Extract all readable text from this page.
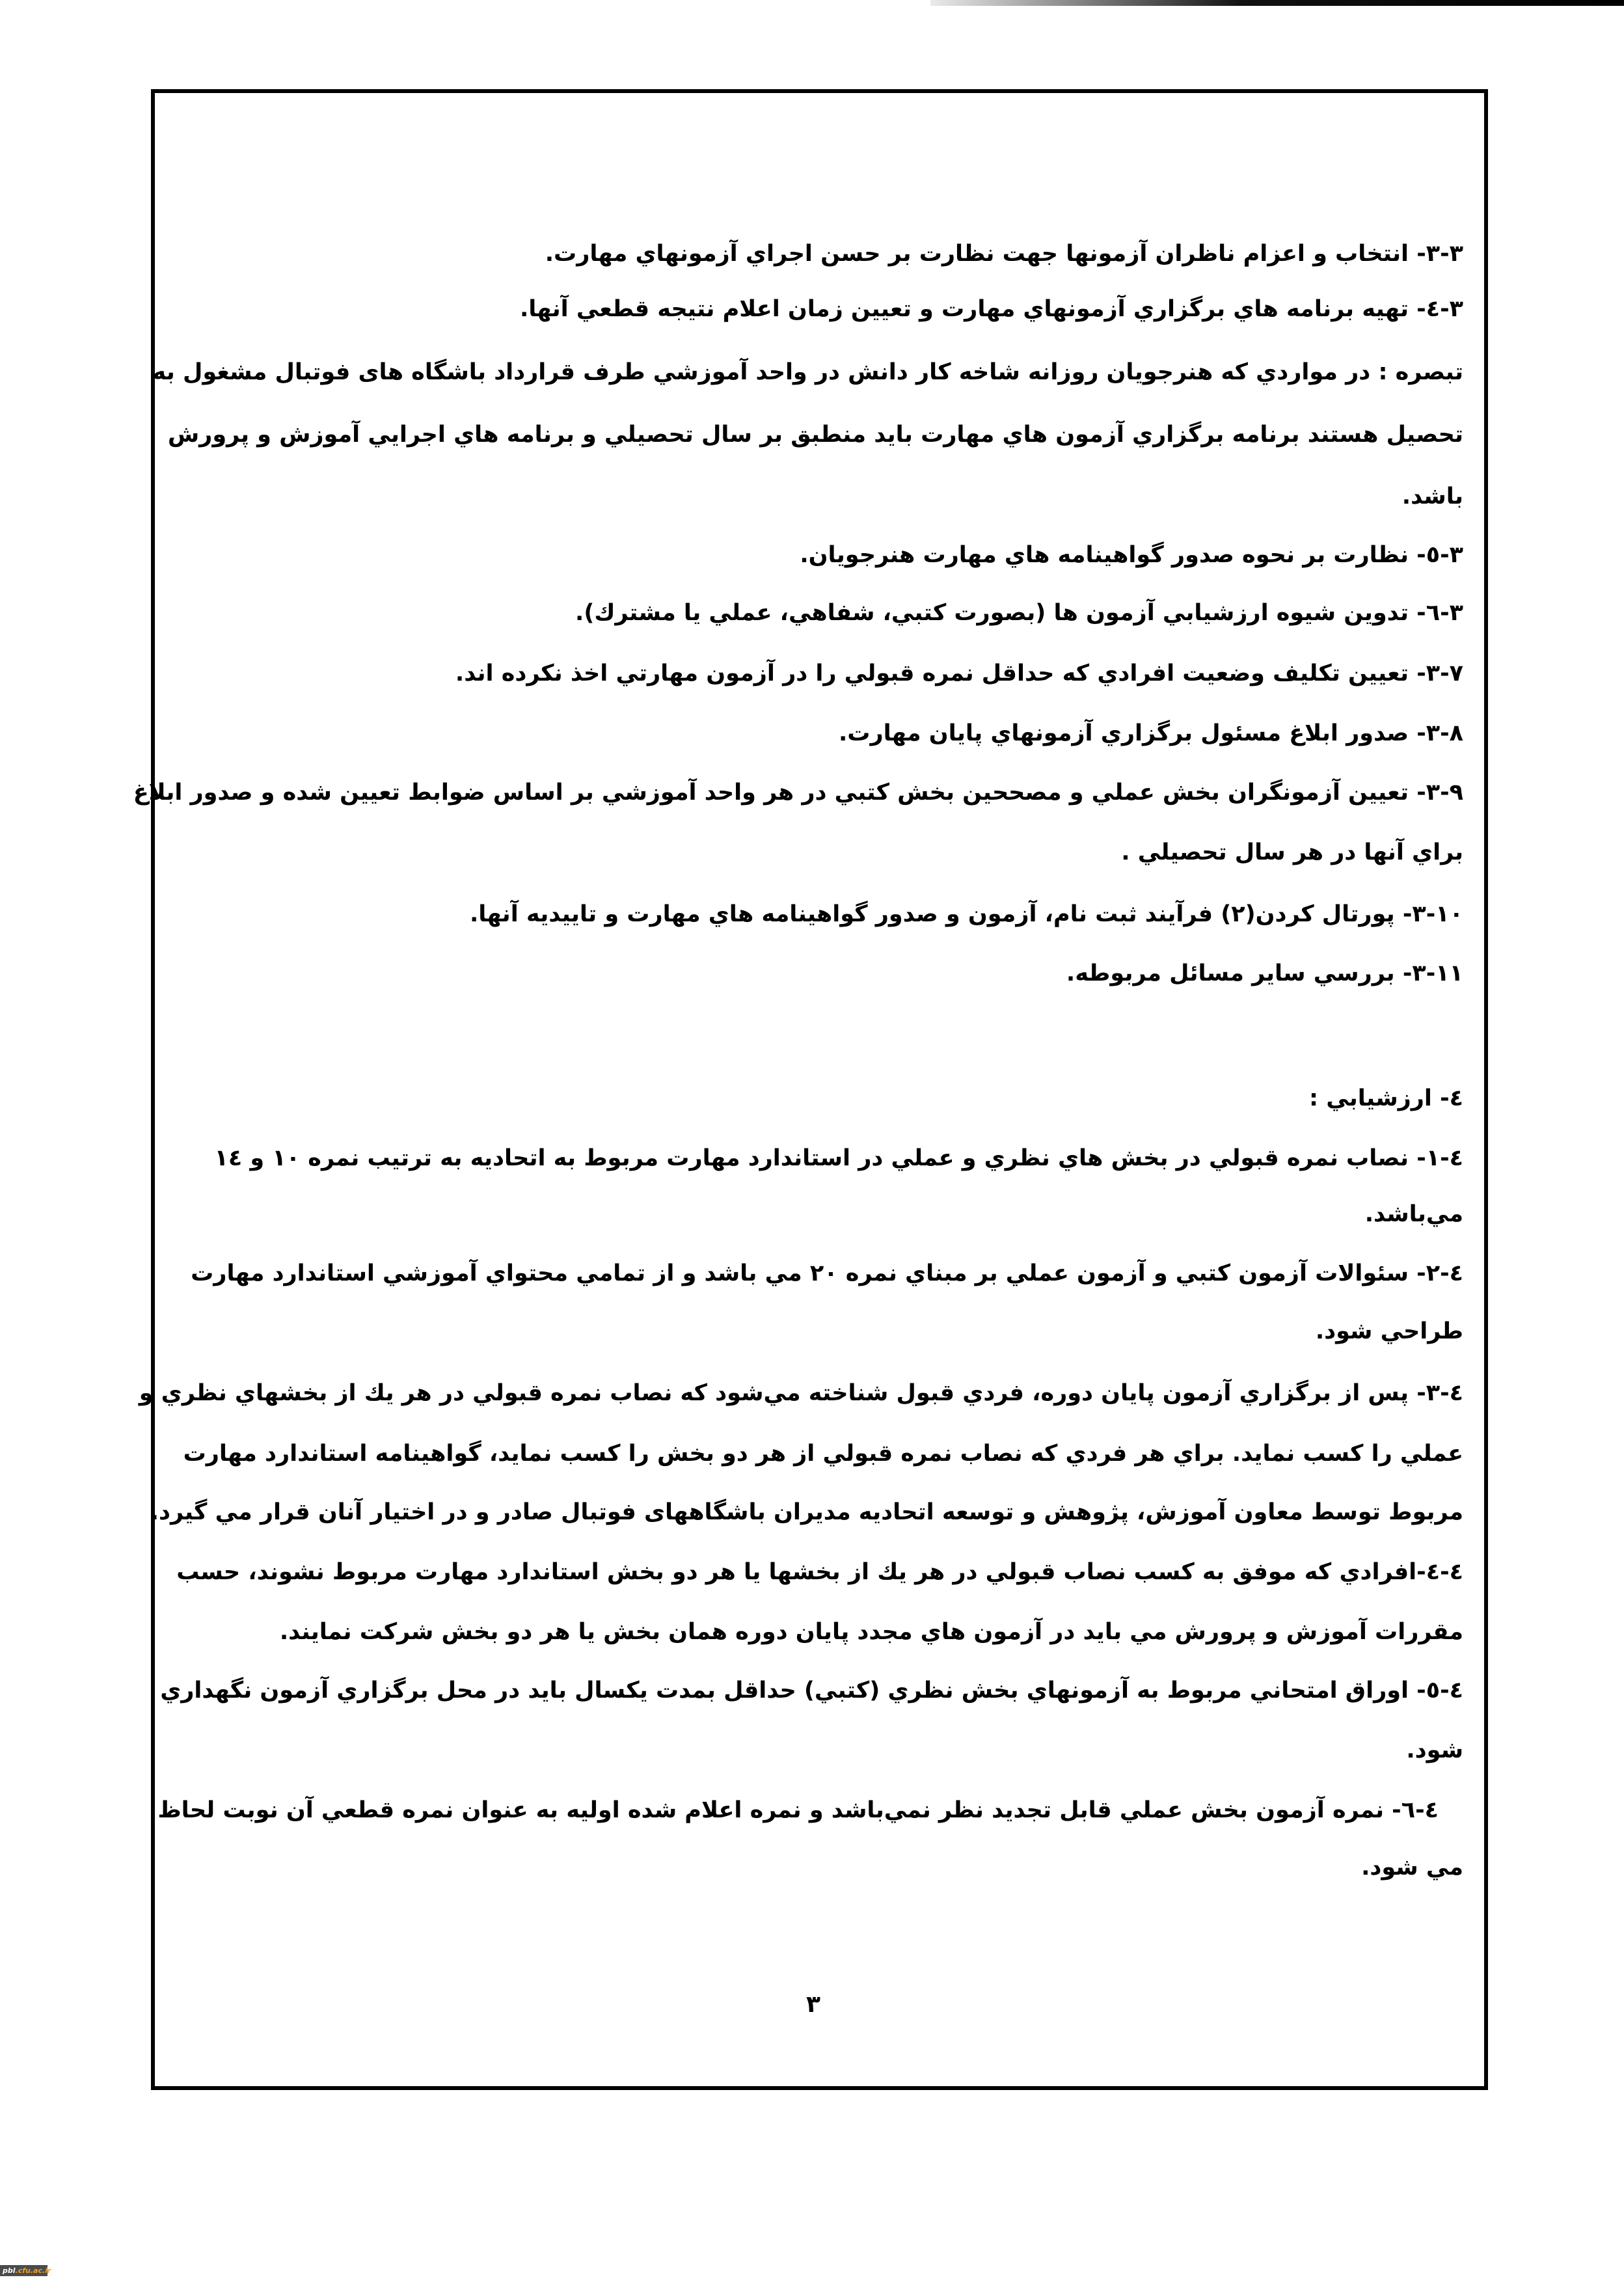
۳-۳- انتخاب و اعزام ناظران آزمونها جهت نظارت بر حسن اجراي آزمونهاي مهارت.
۳-٤- تهيه برنامه هاي برگزاري آزمونهاي مهارت و تعيين زمان اعلام نتيجه قطعي آنها.
تبصره : در مواردي كه هنرجويان روزانه شاخه كار دانش در واحد آموزشي طرف قرارداد باشگاه های فوتبال مشغول به
تحصيل هستند برنامه برگزاري آزمون هاي مهارت بايد منطبق بر سال تحصيلي و برنامه هاي اجرايي آموزش و پرورش
باشد.
۳-٥- نظارت بر نحوه صدور گواهينامه هاي مهارت هنرجويان.
۳-٦- تدوين شيوه ارزشيابي آزمون ها (بصورت كتبي، شفاهي، عملي يا مشترك).
۳-۷- تعيين تكليف وضعيت افرادي كه حداقل نمره قبولي را در آزمون مهارتي اخذ نكرده اند.
۳-۸- صدور ابلاغ مسئول برگزاري آزمونهاي پايان مهارت.
۳-۹- تعيين آزمونگران بخش عملي و مصححين بخش كتبي در هر واحد آموزشي بر اساس ضوابط تعيين شده و صدور ابلاغ
براي آنها در هر سال تحصيلي .
۳-۱۰- پورتال كردن(۲) فرآيند ثبت نام، آزمون و صدور گواهينامه هاي مهارت و تاييديه آنها.
۳-۱۱- بررسي ساير مسائل مربوطه.
٤- ارزشيابي :
٤-۱- نصاب نمره قبولي در بخش هاي نظري و عملي در استاندارد مهارت مربوط به اتحاديه به ترتيب نمره ۱۰ و ۱٤
مي‌باشد.
٤-۲- سئوالات آزمون كتبي و آزمون عملي بر مبناي نمره ۲۰ مي باشد و از تمامي محتواي آموزشي استاندارد مهارت
طراحي شود.
٤-۳- پس از برگزاري آزمون پايان دوره، فردي قبول شناخته مي‌شود كه نصاب نمره قبولي در هر يك از بخشهاي نظري و
عملي را كسب نمايد. براي هر فردي كه نصاب نمره قبولي از هر دو بخش را كسب نمايد، گواهينامه استاندارد مهارت
مربوط توسط معاون آموزش، پژوهش و توسعه اتحاديه مديران باشگاههای فوتبال صادر و در اختيار آنان قرار مي گيرد.
٤-٤-افرادي كه موفق به كسب نصاب قبولي در هر يك از بخشها يا هر دو بخش استاندارد مهارت مربوط نشوند، حسب
مقررات آموزش و پرورش مي بايد در آزمون هاي مجدد پايان دوره همان بخش يا هر دو بخش شركت نمايند.
٤-٥- اوراق امتحاني مربوط به آزمونهاي بخش نظري (كتبي) حداقل بمدت يكسال بايد در محل برگزاري آزمون نگهداري
شود.
٤-٦- نمره آزمون بخش عملي قابل تجديد نظر نمي‌باشد و نمره اعلام شده اوليه به عنوان نمره قطعي آن نوبت لحاظ
مي شود.
۳
pbl.cfu.ac.ir
